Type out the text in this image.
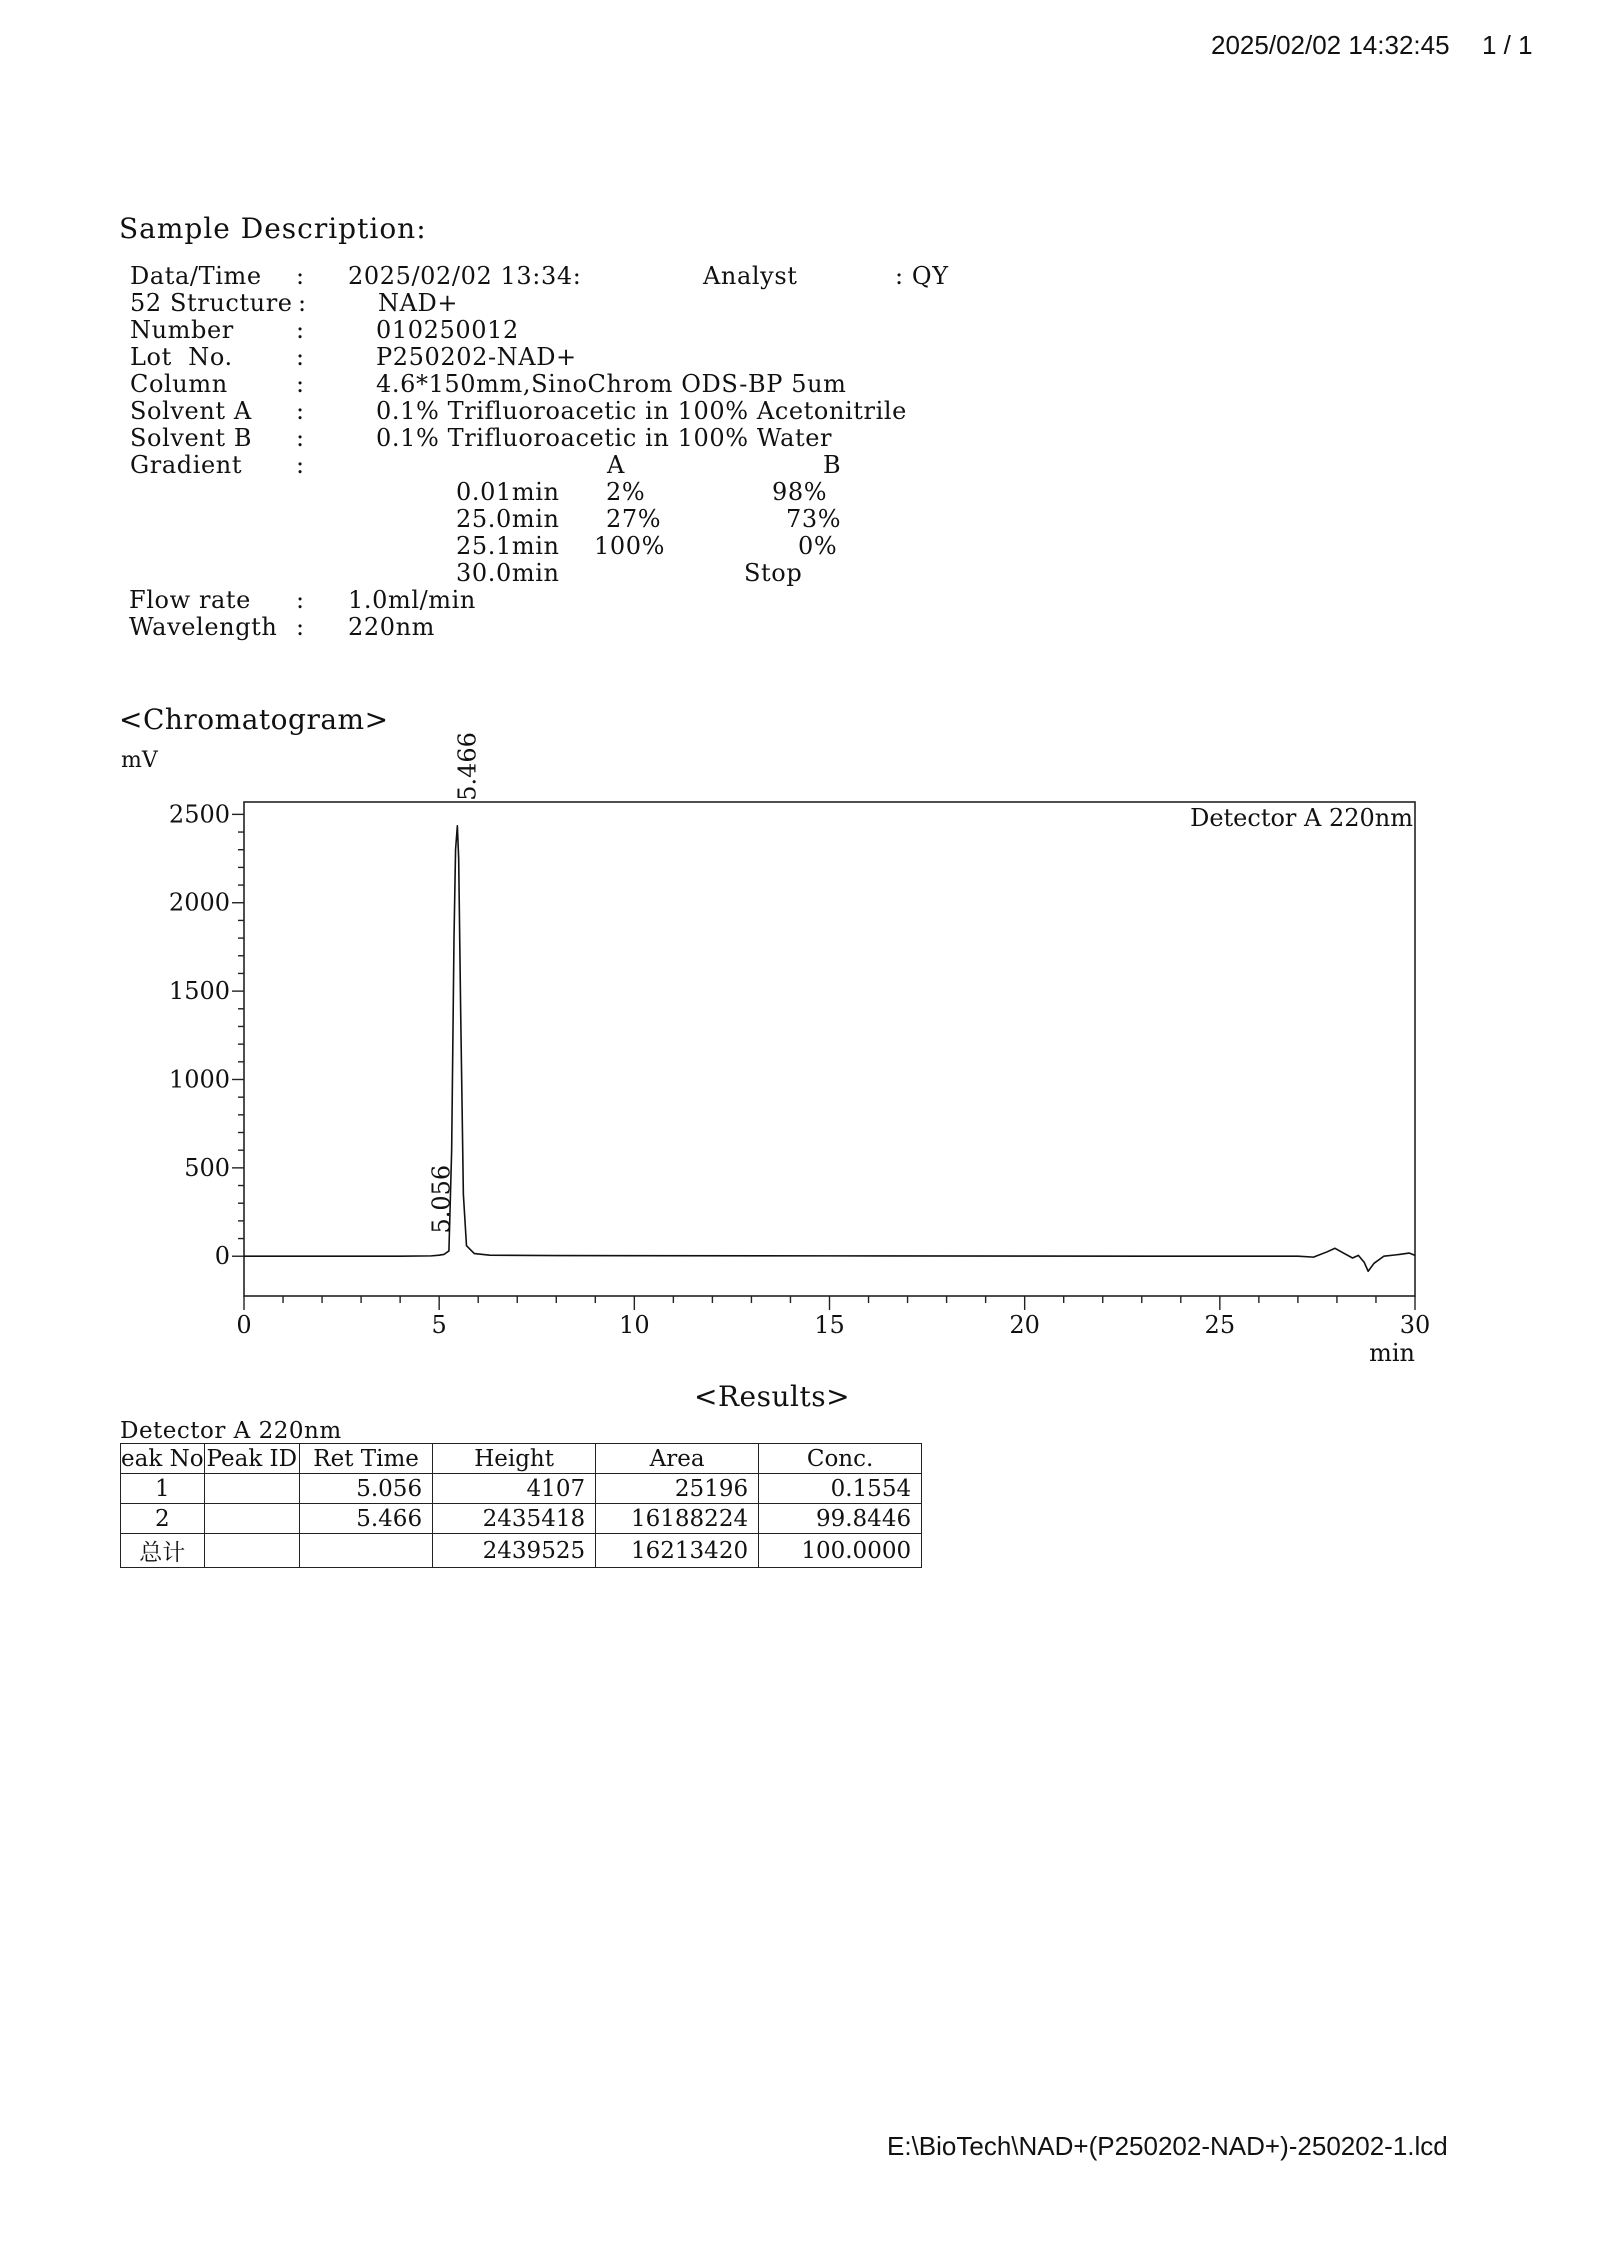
2025/02/02 14:32:45 1 / 1
Sample Description:
Data/Time : 2025/02/02 13:34:	Analyst	: QY
52 Structure :	NAD+
Number	:	010250012
Lot  No.	:	P250202-NAD+
Column	:	4.6*150mm,SinoChrom ODS-BP 5um
Solvent A :	0.1% Trifluoroacetic in 100% Acetonitrile
Solvent B :	0.1% Trifluoroacetic in 100% Water
Gradient :	A	B
0.01min 2%	98%
25.0min 27%	73%
25.1min 100%	0%
30.0min	Stop
Flow rate : 1.0ml/min
Wavelength : 220nm
<Chromatogram>
mV
0
500
1000
1500
2000
2500
0	5	10	15	20	25	30
5.056
5.466
Detector A 220nm
min
<Results>
Detector A 220nm
eak No	Peak ID	Ret Time	Height	Area	Conc.
1		5.056	4107	25196	0.1554
2		5.466	2435418	16188224	99.8446
总计			2439525	16213420	100.0000
E:\BioTech\NAD+(P250202-NAD+)-250202-1.lcd
